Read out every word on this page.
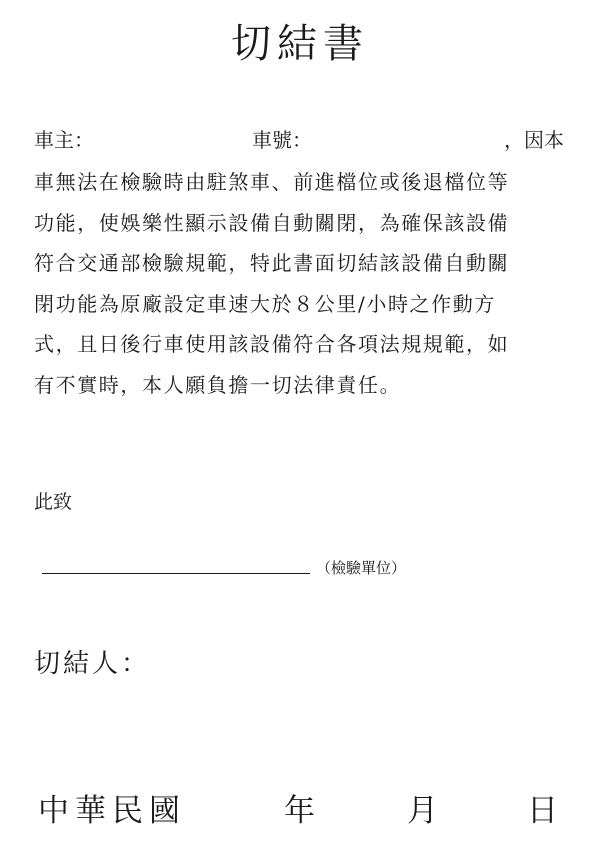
切結書
車主：	車號：	，因本
車無法在檢驗時由駐煞車、前進檔位或後退檔位等
功能，使娛樂性顯示設備自動關閉，為確保該設備
符合交通部檢驗規範，特此書面切結該設備自動關
閉功能為原廠設定車速大於８公里/小時之作動方
式，且日後行車使用該設備符合各項法規規範，如
有不實時，本人願負擔一切法律責任。
此致
（檢驗單位）
切結人：
中華民國	年	月	日
